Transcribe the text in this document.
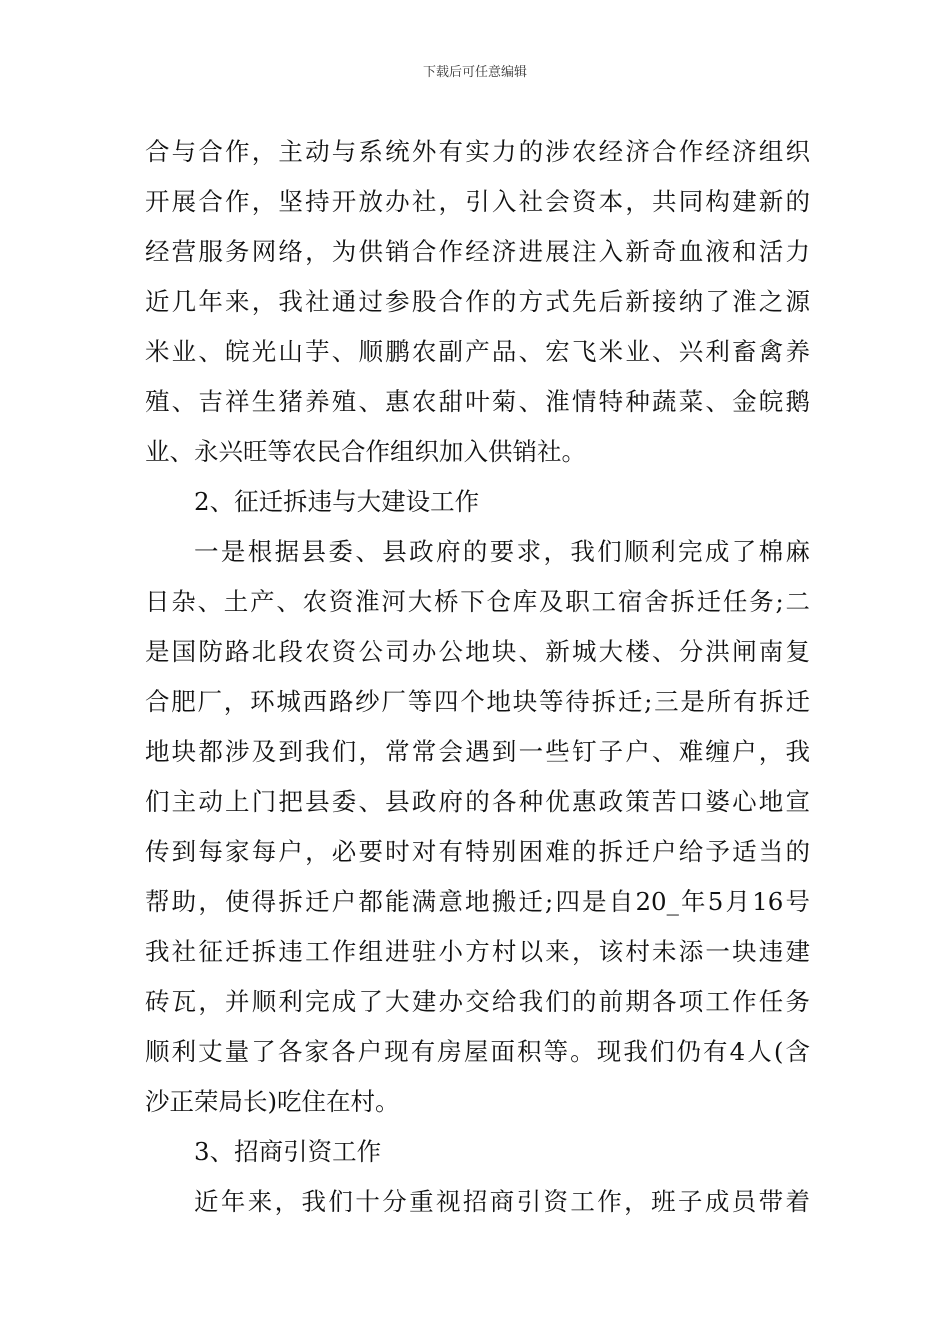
下载后可任意编辑
合与合作，主动与系统外有实力的涉农经济合作经济组织
开展合作，坚持开放办社，引入社会资本，共同构建新的
经营服务网络，为供销合作经济进展注入新奇血液和活力
近几年来，我社通过参股合作的方式先后新接纳了淮之源
米业、皖光山芋、顺鹏农副产品、宏飞米业、兴利畜禽养
殖、吉祥生猪养殖、惠农甜叶菊、淮情特种蔬菜、金皖鹅
业、永兴旺等农民合作组织加入供销社。
2、征迁拆违与大建设工作
一是根据县委、县政府的要求，我们顺利完成了棉麻
日杂、土产、农资淮河大桥下仓库及职工宿舍拆迁任务;二
是国防路北段农资公司办公地块、新城大楼、分洪闸南复
合肥厂，环城西路纱厂等四个地块等待拆迁;三是所有拆迁
地块都涉及到我们，常常会遇到一些钉子户、难缠户，我
们主动上门把县委、县政府的各种优惠政策苦口婆心地宣
传到每家每户，必要时对有特别困难的拆迁户给予适当的
帮助，使得拆迁户都能满意地搬迁;四是自20_年5月16号
我社征迁拆违工作组进驻小方村以来，该村未添一块违建
砖瓦，并顺利完成了大建办交给我们的前期各项工作任务
顺利丈量了各家各户现有房屋面积等。现我们仍有4人(含
沙正荣局长)吃住在村。
3、招商引资工作
近年来，我们十分重视招商引资工作，班子成员带着
